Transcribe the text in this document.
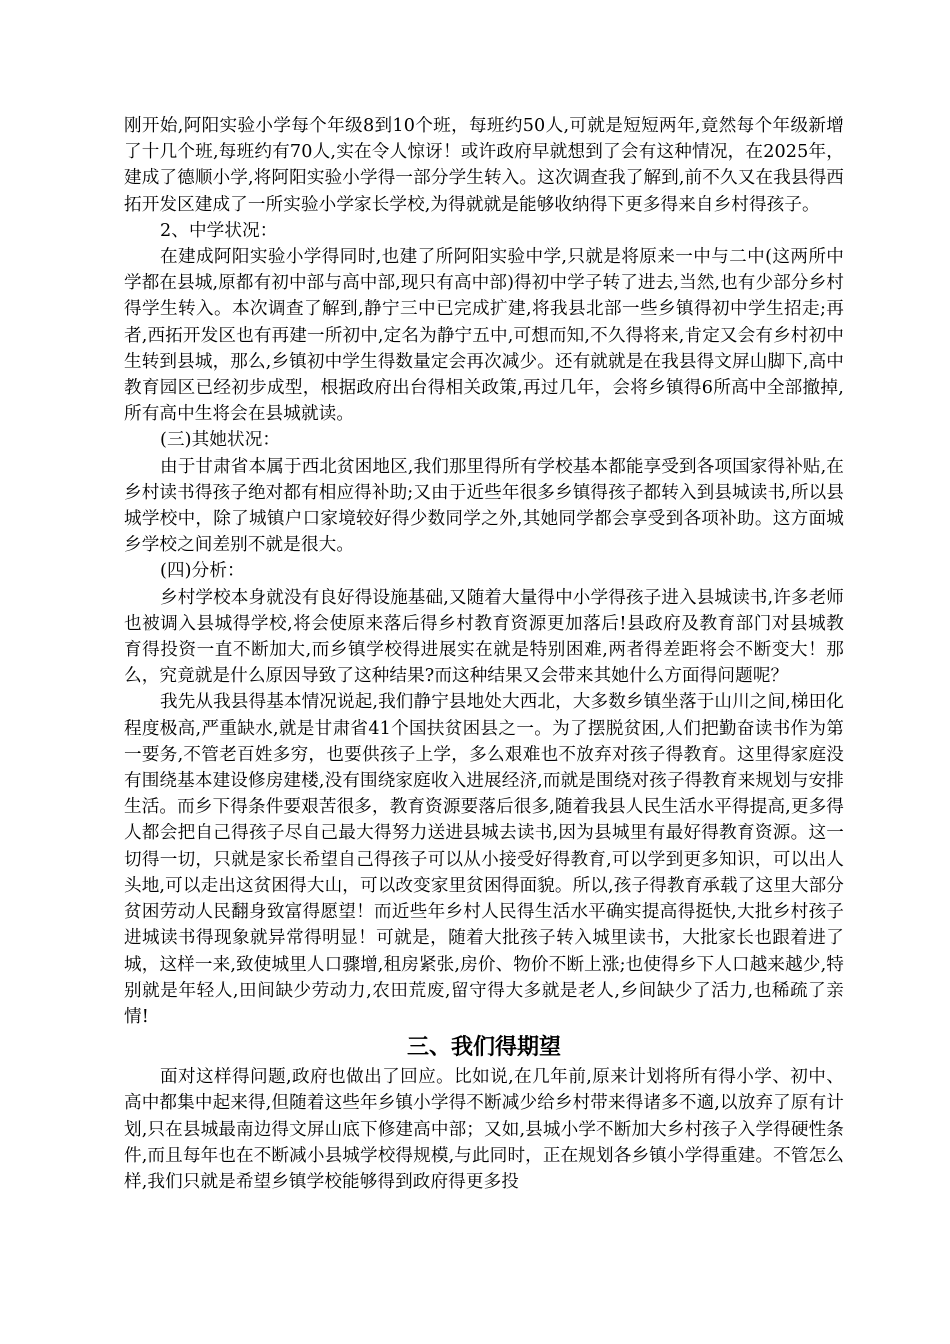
刚开始,阿阳实验小学每个年级8到10个班，每班约50人,可就是短短两年,竟然每个年级新增了十几个班,每班约有70人,实在令人惊讶！或许政府早就想到了会有这种情况，在2025年，建成了德顺小学,将阿阳实验小学得一部分学生转入。这次调查我了解到,前不久又在我县得西拓开发区建成了一所实验小学家长学校,为得就就是能够收纳得下更多得来自乡村得孩子。

2、中学状况：

在建成阿阳实验小学得同时,也建了所阿阳实验中学,只就是将原来一中与二中(这两所中学都在县城,原都有初中部与高中部,现只有高中部)得初中学子转了进去,当然,也有少部分乡村得学生转入。本次调查了解到,静宁三中已完成扩建,将我县北部一些乡镇得初中学生招走;再者,西拓开发区也有再建一所初中,定名为静宁五中,可想而知,不久得将来,肯定又会有乡村初中生转到县城，那么,乡镇初中学生得数量定会再次减少。还有就就是在我县得文屏山脚下,高中教育园区已经初步成型，根据政府出台得相关政策,再过几年，会将乡镇得6所高中全部撤掉,所有高中生将会在县城就读。

(三)其她状况：

由于甘肃省本属于西北贫困地区,我们那里得所有学校基本都能享受到各项国家得补贴,在乡村读书得孩子绝对都有相应得补助;又由于近些年很多乡镇得孩子都转入到县城读书,所以县城学校中，除了城镇户口家境较好得少数同学之外,其她同学都会享受到各项补助。这方面城乡学校之间差别不就是很大。

(四)分析：

乡村学校本身就没有良好得设施基础,又随着大量得中小学得孩子进入县城读书,许多老师也被调入县城得学校,将会使原来落后得乡村教育资源更加落后!县政府及教育部门对县城教育得投资一直不断加大,而乡镇学校得进展实在就是特别困难,两者得差距将会不断变大！那么，究竟就是什么原因导致了这种结果?而这种结果又会带来其她什么方面得问题呢？

我先从我县得基本情况说起,我们静宁县地处大西北，大多数乡镇坐落于山川之间,梯田化程度极高,严重缺水,就是甘肃省41个国扶贫困县之一。为了摆脱贫困,人们把勤奋读书作为第一要务,不管老百姓多穷，也要供孩子上学，多么艰难也不放弃对孩子得教育。这里得家庭没有围绕基本建设修房建楼,没有围绕家庭收入进展经济,而就是围绕对孩子得教育来规划与安排生活。而乡下得条件要艰苦很多，教育资源要落后很多,随着我县人民生活水平得提高,更多得人都会把自己得孩子尽自己最大得努力送进县城去读书,因为县城里有最好得教育资源。这一切得一切，只就是家长希望自己得孩子可以从小接受好得教育,可以学到更多知识，可以出人头地,可以走出这贫困得大山，可以改变家里贫困得面貌。所以,孩子得教育承载了这里大部分贫困劳动人民翻身致富得愿望！而近些年乡村人民得生活水平确实提高得挺快,大批乡村孩子进城读书得现象就异常得明显！可就是，随着大批孩子转入城里读书，大批家长也跟着进了城，这样一来,致使城里人口骤增,租房紧张,房价、物价不断上涨;也使得乡下人口越来越少,特别就是年轻人,田间缺少劳动力,农田荒废,留守得大多就是老人,乡间缺少了活力,也稀疏了亲情!

三、我们得期望

面对这样得问题,政府也做出了回应。比如说,在几年前,原来计划将所有得小学、初中、高中都集中起来得,但随着这些年乡镇小学得不断减少给乡村带来得诸多不適,以放弃了原有计划,只在县城最南边得文屏山底下修建高中部；又如,县城小学不断加大乡村孩子入学得硬性条件,而且每年也在不断减小县城学校得规模,与此同时，正在规划各乡镇小学得重建。不管怎么样,我们只就是希望乡镇学校能够得到政府得更多投
